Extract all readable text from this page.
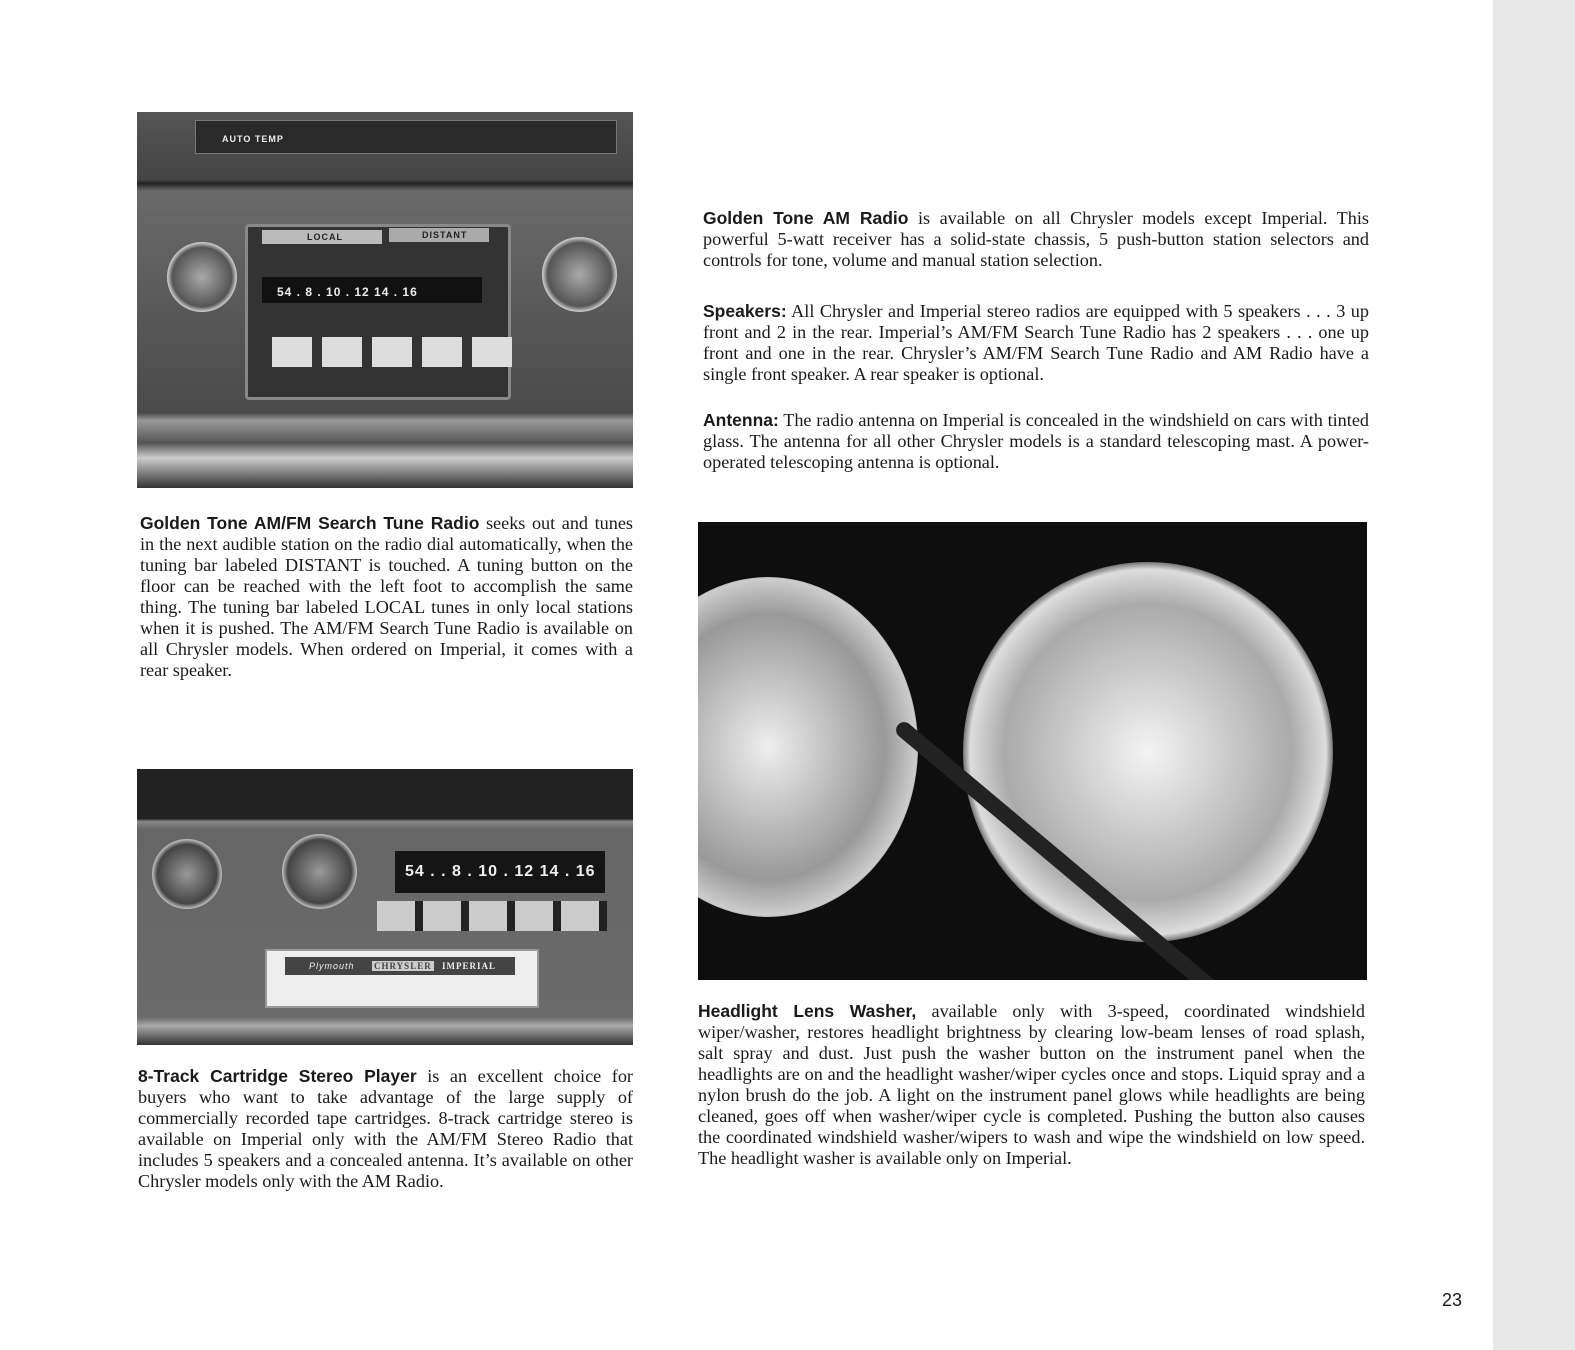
AUTO TEMP
LOCAL	DISTANT
54 . 8 . 10 . 12 14 . 16
54 . . 8 . 10 . 12 14 . 16
Plymouth CHRYSLER IMPERIAL
Golden Tone AM Radio is available on all Chrysler models except Imperial. This powerful 5-watt receiver has a solid-state chassis, 5 push-button station selectors and controls for tone, volume and manual station selection.
Speakers: All Chrysler and Imperial stereo radios are equipped with 5 speakers . . . 3 up front and 2 in the rear. Imperial’s AM/FM Search Tune Radio has 2 speakers . . . one up front and one in the rear. Chrysler’s AM/FM Search Tune Radio and AM Radio have a single front speaker. A rear speaker is optional.
Antenna: The radio antenna on Imperial is concealed in the windshield on cars with tinted glass. The antenna for all other Chrysler models is a standard telescoping mast. A power-operated telescoping antenna is optional.
Golden Tone AM/FM Search Tune Radio seeks out and tunes in the next audible station on the radio dial automatically, when the tuning bar labeled DISTANT is touched. A tuning button on the floor can be reached with the left foot to accomplish the same thing. The tuning bar labeled LOCAL tunes in only local stations when it is pushed. The AM/FM Search Tune Radio is available on all Chrysler models. When ordered on Imperial, it comes with a rear speaker.
8-Track Cartridge Stereo Player is an excellent choice for buyers who want to take advantage of the large supply of commercially recorded tape cartridges. 8-track cartridge stereo is available on Imperial only with the AM/FM Stereo Radio that includes 5 speakers and a concealed antenna. It’s available on other Chrysler models only with the AM Radio.
Headlight Lens Washer, available only with 3-speed, coordinated windshield wiper/washer, restores headlight brightness by clearing low-beam lenses of road splash, salt spray and dust. Just push the washer button on the instrument panel when the headlights are on and the headlight washer/wiper cycles once and stops. Liquid spray and a nylon brush do the job. A light on the instrument panel glows while headlights are being cleaned, goes off when washer/wiper cycle is completed. Pushing the button also causes the coordinated windshield washer/wipers to wash and wipe the windshield on low speed. The headlight washer is available only on Imperial.
23
